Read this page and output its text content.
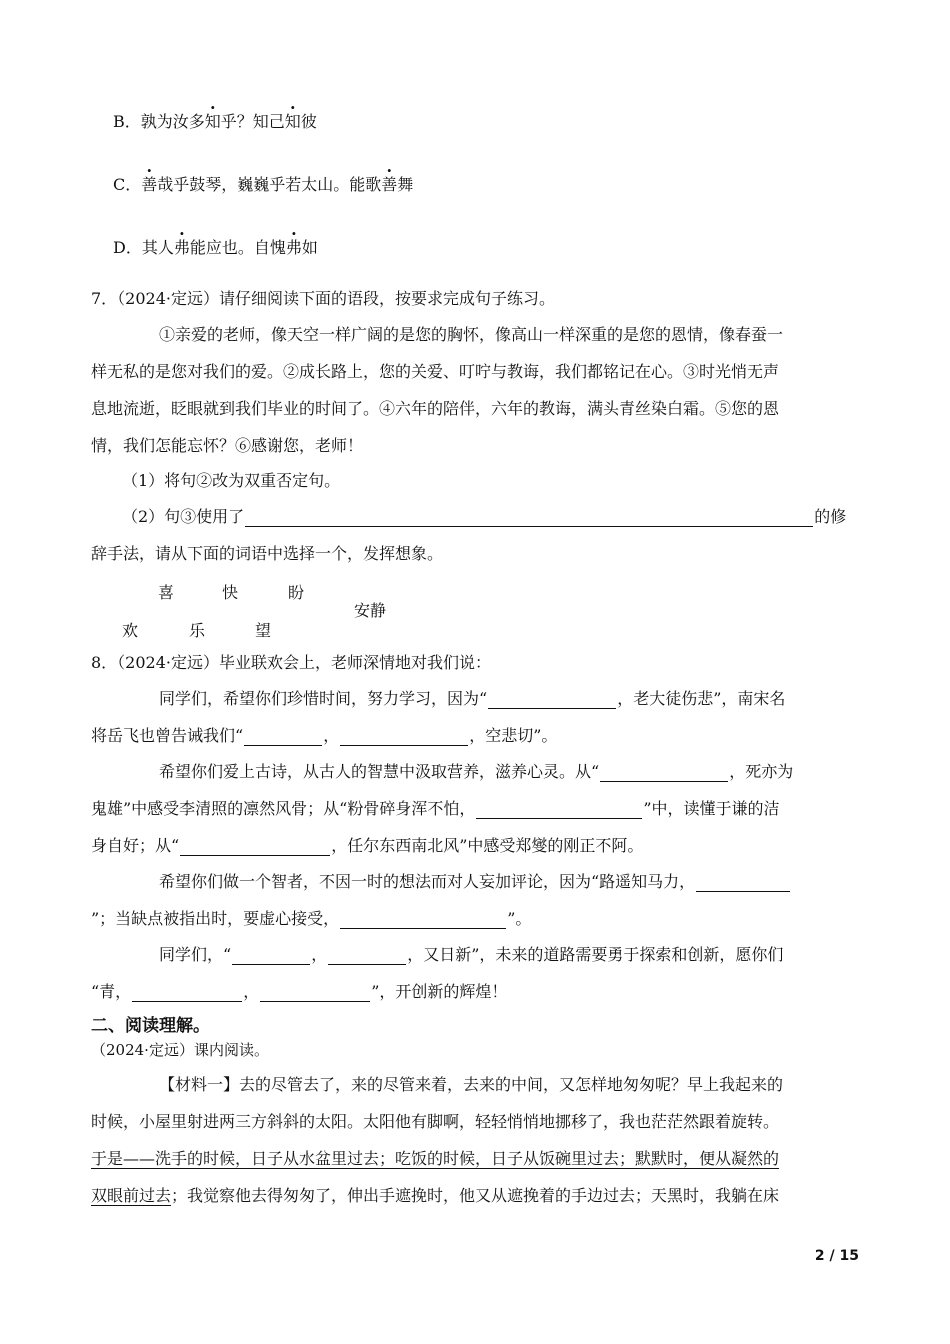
B．孰为汝多知乎？知己知彼
C．善哉乎鼓琴，巍巍乎若太山。能歌善舞
D．其人弗能应也。自愧弗如
7．（2024·定远）请仔细阅读下面的语段，按要求完成句子练习。
①亲爱的老师，像天空一样广阔的是您的胸怀，像高山一样深重的是您的恩情，像春蚕一
样无私的是您对我们的爱。②成长路上，您的关爱、叮咛与教诲，我们都铭记在心。③时光悄无声
息地流逝，眨眼就到我们毕业的时间了。④六年的陪伴，六年的教诲，满头青丝染白霜。⑤您的恩
情，我们怎能忘怀？⑥感谢您，老师！
（1）将句②改为双重否定句。
（2）句③使用了	的修
辞手法，请从下面的词语中选择一个，发挥想象。
喜	快	盼
安静
欢	乐	望
8．（2024·定远）毕业联欢会上，老师深情地对我们说：
同学们，希望你们珍惜时间，努力学习，因为“	，老大徒伤悲”，南宋名
将岳飞也曾告诫我们“	，	，空悲切”。
希望你们爱上古诗，从古人的智慧中汲取营养，滋养心灵。从“	，死亦为
鬼雄”中感受李清照的凛然风骨；从“粉骨碎身浑不怕，	”中，读懂于谦的洁
身自好；从“	，任尔东西南北风”中感受郑燮的刚正不阿。
希望你们做一个智者，不因一时的想法而对人妄加评论，因为“路遥知马力，
”；当缺点被指出时，要虚心接受，	”。
同学们，“	，	，又日新”，未来的道路需要勇于探索和创新，愿你们
“青，	，	”，开创新的辉煌！
二、阅读理解。
（2024·定远）课内阅读。
【材料一】去的尽管去了，来的尽管来着，去来的中间，又怎样地匆匆呢？早上我起来的
时候，小屋里射进两三方斜斜的太阳。太阳他有脚啊，轻轻悄悄地挪移了，我也茫茫然跟着旋转。
于是——洗手的时候，日子从水盆里过去；吃饭的时候，日子从饭碗里过去；默默时，便从凝然的
双眼前过去；我觉察他去得匆匆了，伸出手遮挽时，他又从遮挽着的手边过去；天黑时，我躺在床
2 / 15
